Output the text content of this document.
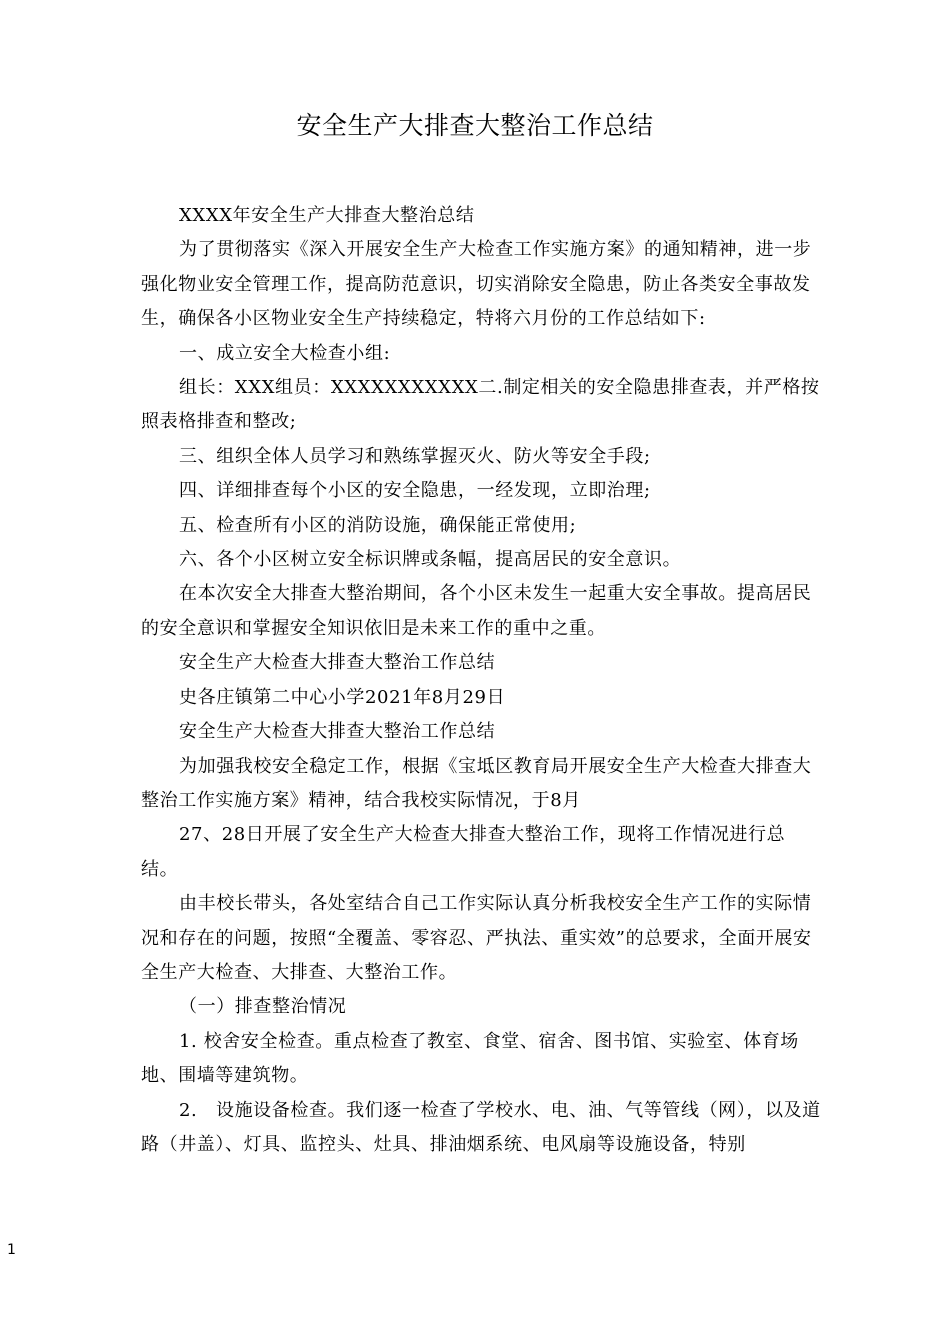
安全生产大排查大整治工作总结

XXXX年安全生产大排查大整治总结

为了贯彻落实《深入开展安全生产大检查工作实施方案》的通知精神，进一步强化物业安全管理工作，提高防范意识，切实消除安全隐患，防止各类安全事故发生，确保各小区物业安全生产持续稳定，特将六月份的工作总结如下:

一、成立安全大检查小组:

组长：XXX组员：XXXXXXXXXXX二.制定相关的安全隐患排查表，并严格按照表格排查和整改;

三、组织全体人员学习和熟练掌握灭火、防火等安全手段;

四、详细排查每个小区的安全隐患，一经发现，立即治理;

五、检查所有小区的消防设施，确保能正常使用;

六、各个小区树立安全标识牌或条幅，提高居民的安全意识。

在本次安全大排查大整治期间，各个小区未发生一起重大安全事故。提高居民的安全意识和掌握安全知识依旧是未来工作的重中之重。

安全生产大检查大排查大整治工作总结

史各庄镇第二中心小学2021年8月29日

安全生产大检查大排查大整治工作总结

为加强我校安全稳定工作，根据《宝坻区教育局开展安全生产大检查大排查大整治工作实施方案》精神，结合我校实际情况，于8月

27、28日开展了安全生产大检查大排查大整治工作，现将工作情况进行总结。

由丰校长带头，各处室结合自己工作实际认真分析我校安全生产工作的实际情况和存在的问题，按照“全覆盖、零容忍、严执法、重实效”的总要求，全面开展安全生产大检查、大排查、大整治工作。

（一）排查整治情况

1. 校舍安全检查。重点检查了教室、食堂、宿舍、图书馆、实验室、体育场地、围墙等建筑物。

2.　设施设备检查。我们逐一检查了学校水、电、油、气等管线（网），以及道路（井盖）、灯具、监控头、灶具、排油烟系统、电风扇等设施设备，特别

1
